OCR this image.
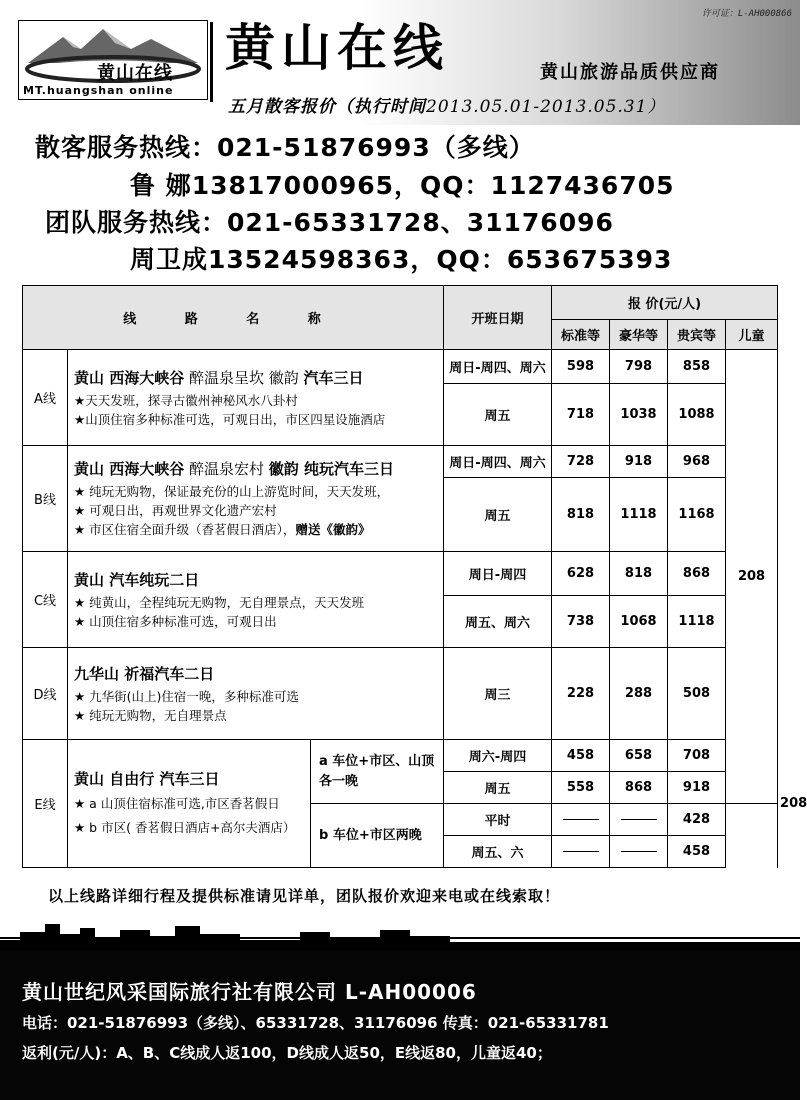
许可证：L-AH000866
黄山在线
MT.huangshan online
黄山在线	黄山旅游品质供应商
五月散客报价（执行时间2013.05.01-2013.05.31）
散客服务热线：021-51876993（多线）
鲁 娜13817000965，QQ：1127436705
团队服务热线：021-65331728、31176096
周卫成13524598363，QQ：653675393
线 路 名 称			开班日期	报 价(元/人)				
				标准等	豪华等	贵宾等	儿童	
A线	黄山 西海大峡谷 醉温泉呈坎 徽韵 汽车三日
★天天发班，探寻古徽州神秘风水八卦村
★山顶住宿多种标准可选，可观日出，市区四星设施酒店		周日-周四、周六	598	798	858	208	
			周五	718	1038	1088		
B线	黄山 西海大峡谷 醉温泉宏村 徽韵 纯玩汽车三日
★ 纯玩无购物，保证最充份的山上游览时间，天天发班，
★ 可观日出，再观世界文化遗产宏村
★ 市区住宿全面升级（香茗假日酒店），赠送《徽韵》		周日-周四、周六	728	918	968		
			周五	818	1118	1168		
C线	黄山 汽车纯玩二日
★ 纯黄山，全程纯玩无购物，无自理景点，天天发班
★ 山顶住宿多种标准可选，可观日出		周日-周四	628	818	868		
			周五、周六	738	1068	1118		
D线	九华山 祈福汽车二日
★ 九华街(山上)住宿一晚，多种标准可选
★ 纯玩无购物，无自理景点		周三	228	288	508		
E线	黄山 自由行 汽车三日
★ a 山顶住宿标准可选,市区香茗假日
★ b 市区( 香茗假日酒店+高尔夫酒店）	a 车位+市区、山顶各一晚	周六-周四	458	658	708		208
			周五	558	868	918		
		b 车位+市区两晚	平时			428		
			周五、六			458		
以上线路详细行程及提供标准请见详单，团队报价欢迎来电或在线索取！
黄山世纪风采国际旅行社有限公司 L-AH00006
电话：021-51876993（多线）、65331728、31176096 传真：021-65331781
返利(元/人)：A、B、C线成人返100，D线成人返50，E线返80，儿童返40；
